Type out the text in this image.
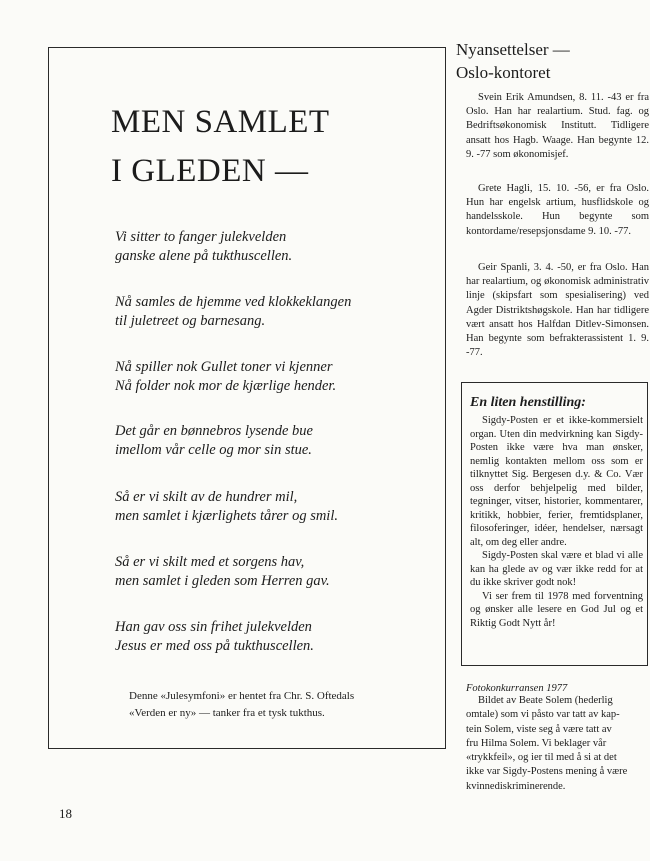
MEN SAMLET
I GLEDEN —

Vi sitter to fanger julekvelden
ganske alene på tukthuscellen.

Nå samles de hjemme ved klokkeklangen
til juletreet og barnesang.

Nå spiller nok Gullet toner vi kjenner
Nå folder nok mor de kjærlige hender.

Det går en bønnebros lysende bue
imellom vår celle og mor sin stue.

Så er vi skilt av de hundrer mil,
men samlet i kjærlighets tårer og smil.

Så er vi skilt med et sorgens hav,
men samlet i gleden som Herren gav.

Han gav oss sin frihet julekvelden
Jesus er med oss på tukthuscellen.

Denne «Julesymfoni» er hentet fra Chr. S. Oftedals
«Verden er ny» — tanker fra et tysk tukthus.

Nyansettelser —
Oslo-kontoret

Svein Erik Amundsen, 8. 11. -43 er fra Oslo. Han har realartium. Stud. fag. og Bedriftsøkonomisk Institutt. Tidligere ansatt hos Hagb. Waage. Han begynte 12. 9. -77 som økonomisjef.

Grete Hagli, 15. 10. -56, er fra Oslo. Hun har engelsk artium, husflidskole og handelsskole. Hun begynte som kontordame/resepsjonsdame 9. 10. -77.

Geir Spanli, 3. 4. -50, er fra Oslo. Han har realartium, og økonomisk administrativ linje (skipsfart som spesialisering) ved Agder Distriktshøgskole. Han har tidligere vært ansatt hos Halfdan Ditlev-Simonsen. Han begynte som befrakterassistent 1. 9. -77.

En liten henstilling:

Sigdy-Posten er et ikke-kommersielt organ. Uten din medvirkning kan Sigdy-Posten ikke være hva man ønsker, nemlig kontakten mellom oss som er tilknyttet Sig. Bergesen d.y. & Co. Vær oss derfor behjelpelig med bilder, tegninger, vitser, historier, kommentarer, kritikk, hobbier, ferier, fremtidsplaner, filosoferinger, idéer, hendelser, nærsagt alt, om deg eller andre.

Sigdy-Posten skal være et blad vi alle kan ha glede av og vær ikke redd for at du ikke skriver godt nok!

Vi ser frem til 1978 med forventning og ønsker alle lesere en God Jul og et Riktig Godt Nytt år!

Fotokonkurransen 1977

Bildet av Beate Solem (hederlig
omtale) som vi påsto var tatt av kap-
tein Solem, viste seg å være tatt av
fru Hilma Solem. Vi beklager vår
«trykkfeil», og ier til med å si at det
ikke var Sigdy-Postens mening å være
kvinnediskriminerende.

18
